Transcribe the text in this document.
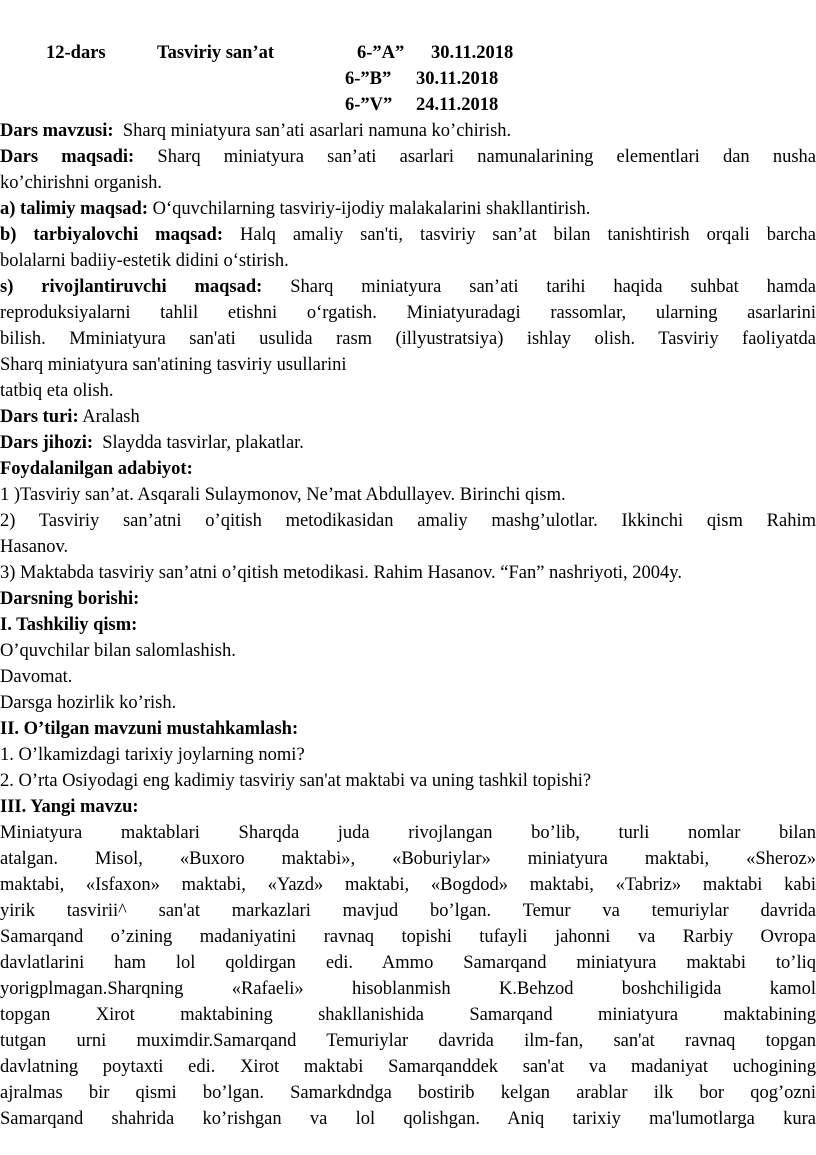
12-dars	Tasviriy san’at	6-”A” 30.11.2018
6-”B” 30.11.2018
6-”V” 24.11.2018
Dars mavzusi: Sharq miniatyura san’ati asarlari namuna ko’chirish.
Dars maqsadi: Sharq miniatyura san’ati asarlari namunalarining elementlari dan nusha
ko’chirishni organish.
a) talimiy maqsad: O‘quvchilarning tasviriy-ijodiy malakalarini shakllantirish.
b) tarbiyalovchi maqsad: Halq amaliy san'ti, tasviriy san’at bilan tanishtirish orqali barcha
bolalarni badiiy-estetik didini o‘stirish.
s) rivojlantiruvchi maqsad: Sharq miniatyura san’ati tarihi haqida suhbat hamda
reproduksiyalarni tahlil etishni o‘rgatish. Miniatyuradagi rassomlar, ularning asarlarini
bilish. Mminiatyura san'ati usulida rasm (illyustratsiya) ishlay olish. Tasviriy faoliyatda
Sharq miniatyura san'atining tasviriy usullarini
tatbiq eta olish.
Dars turi: Aralash
Dars jihozi: Slaydda tasvirlar, plakatlar.
Foydalanilgan adabiyot:
1 )Tasviriy san’at. Asqarali Sulaymonov, Ne’mat Abdullayev. Birinchi qism.
2) Tasviriy san’atni o’qitish metodikasidan amaliy mashg’ulotlar. Ikkinchi qism Rahim
Hasanov.
3) Maktabda tasviriy san’atni o’qitish metodikasi. Rahim Hasanov. “Fan” nashriyoti, 2004y.
Darsning borishi:
I. Tashkiliy qism:
O’quvchilar bilan salomlashish.
Davomat.
Darsga hozirlik ko’rish.
II. O’tilgan mavzuni mustahkamlash:
1. O’lkamizdagi tarixiy joylarning nomi?
2. O’rta Osiyodagi eng kadimiy tasviriy san'at maktabi va uning tashkil topishi?
III. Yangi mavzu:
Miniatyura maktablari Sharqda juda rivojlangan bo’lib, turli nomlar bilan
atalgan. Misol, «Buxoro maktabi», «Boburiylar» miniatyura maktabi, «Sheroz»
maktabi, «Isfaxon» maktabi, «Yazd» maktabi, «Bogdod» maktabi, «Tabriz» maktabi kabi
yirik tasvirii^ san'at markazlari mavjud bo’lgan. Temur va temuriylar davrida
Samarqand o’zining madaniyatini ravnaq topishi tufayli jahonni va Rarbiy Ovropa
davlatlarini ham lol qoldirgan edi. Ammo Samarqand miniatyura maktabi to’liq
yorigplmagan.Sharqning «Rafaeli» hisoblanmish K.Behzod boshchiligida kamol
topgan Xirot maktabining shakllanishida Samarqand miniatyura maktabining
tutgan urni muximdir.Samarqand Temuriylar davrida ilm-fan, san'at ravnaq topgan
davlatning poytaxti edi. Xirot maktabi Samarqanddek san'at va madaniyat uchogining
ajralmas bir qismi bo’lgan. Samarkdndga bostirib kelgan arablar ilk bor qog’ozni
Samarqand shahrida ko’rishgan va lol qolishgan. Aniq tarixiy ma'lumotlarga kura
